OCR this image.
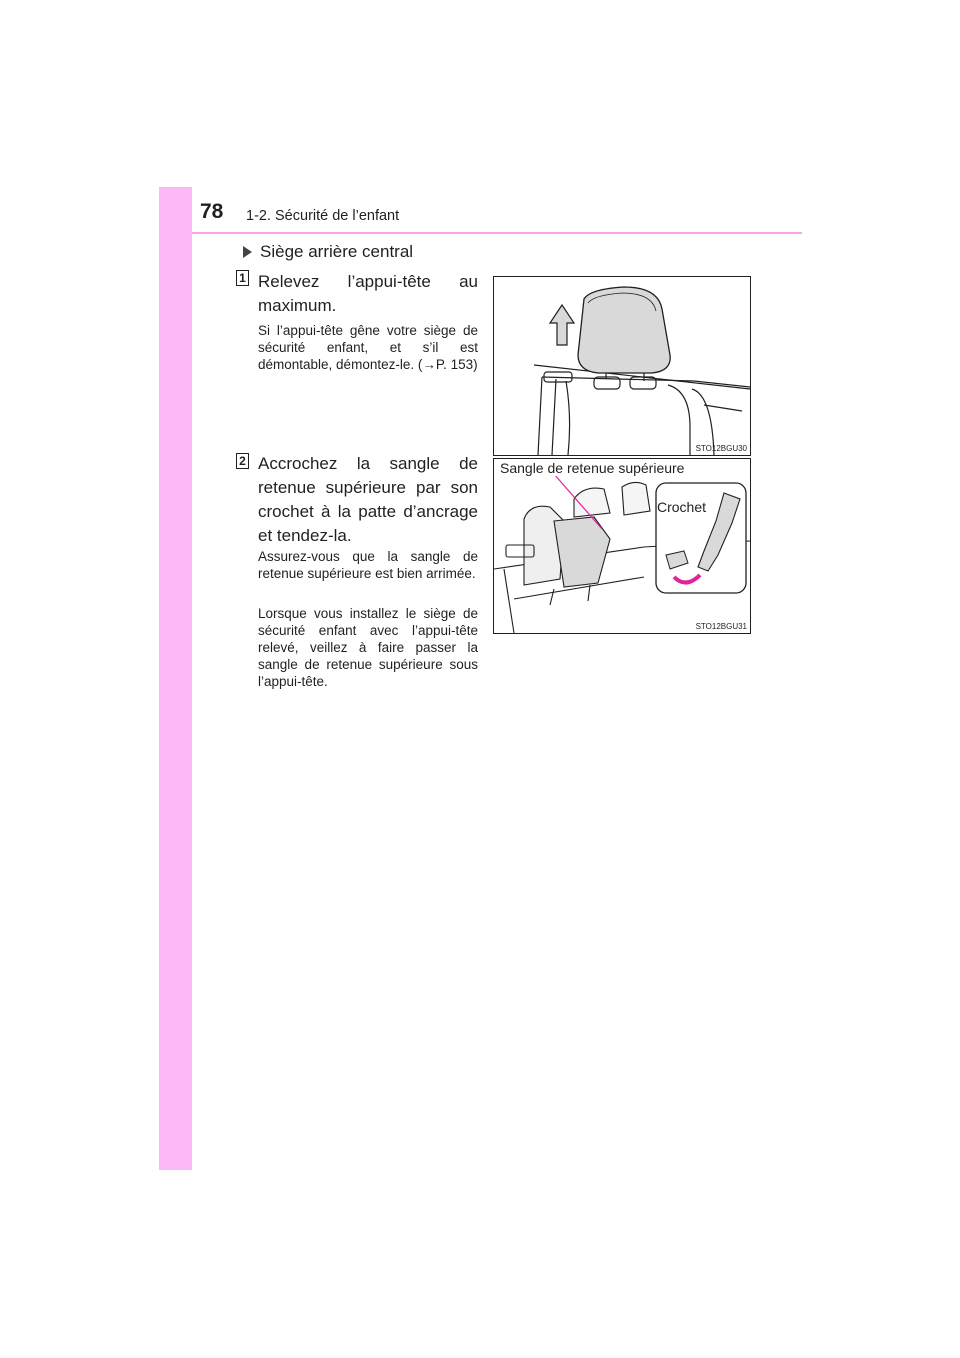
78 1-2. Sécurité de l’enfant
Siège arrière central
1 Relevez l’appui-tête au maximum.
Si l’appui-tête gêne votre siège de sécurité enfant, et s’il est démontable, démontez-le. (→P. 153)
2 Accrochez la sangle de retenue supérieure par son crochet à la patte d’ancrage et tendez-la.
Assurez-vous que la sangle de retenue supérieure est bien arrimée.
Lorsque vous installez le siège de sécurité enfant avec l’appui-tête relevé, veillez à faire passer la sangle de retenue supérieure sous l’appui-tête.
STO12BGU30
Sangle de retenue supérieure
Crochet
STO12BGU31
